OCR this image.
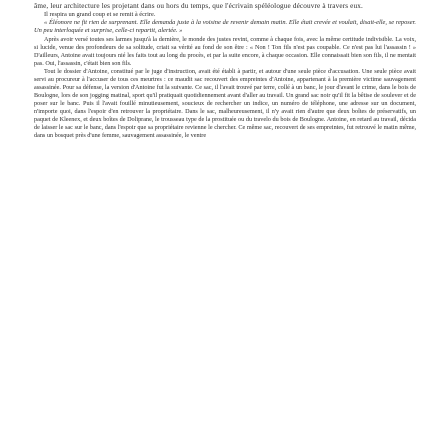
âme, leur architecture les projetant dans ou hors du temps, que l'écrivain spéléologue découvre à travers eux.

Il respira un grand coup et se remit à écrire.

« Éléonore ne fit rien de surprenant. Elle demanda juste à la voisine de revenir demain matin. Elle était crevée et voulait, disait-elle, se reposer. Un peu interloquée et surprise, celle-ci repartit, alertée. »

Après avoir versé toutes ses larmes jusqu'à la dernière, le monde des justes revint, comme à chaque fois, avec la même certitude indivisible. La voix, si lucide, venue des profondeurs de sa solitude, criait sa vérité au fond de son être : « Non ! Ton fils n'est pas coupable. Ce n'est pas lui l'assassin ! » D'ailleurs, Antoine avait toujours nié les faits tout au long du procès, et par la suite encore, à chaque occasion. Elle connaissait bien son fils, il ne mentait pas. Oui, l'assassin, c'était bien son fils.

Tout le dossier d'Antoine, constitué par le juge d'instruction, avait été établi à partir, et autour d'une seule pièce d'accusation. Une seule pièce avait servi au procureur à l'accuser de tous ces meurtres : ce maudit sac recouvert des empreintes d'Antoine, appartenant à la première victime sauvagement assassinée. Pour sa défense, la version d'Antoine fut la suivante. Ce sac, il l'avait trouvé par terre, collé à un banc, le jour d'avant le crime, dans le bois de Boulogne, lors de son jogging matinal, sport qu'il pratiquait quotidiennement avant d'aller au travail. Un grand sac noir qu'il fit la bêtise de soulever et de poser sur le banc. Puis il l'avait fouillé minutieusement, soucieux de rechercher un indice, un numéro de téléphone, une adresse sur un document, n'importe quoi, dans l'espoir d'en retrouver la propriétaire. Dans le sac, malheureusement, il n'y avait rien d'autre que deux boîtes de préservatifs, un paquet de Kleenex, et deux boîtes de Doliprane, le trousseau type de la prostituée ou du travelo du bois de Boulogne. Antoine, en retard au travail, décida de laisser le sac sur le banc, dans l'espoir que sa propriétaire revienne le chercher. Ce même sac, recouvert de ses empreintes, fut retrouvé le matin même, dans un bosquet près d'une femme, sauvagement assassinée, le ventre
